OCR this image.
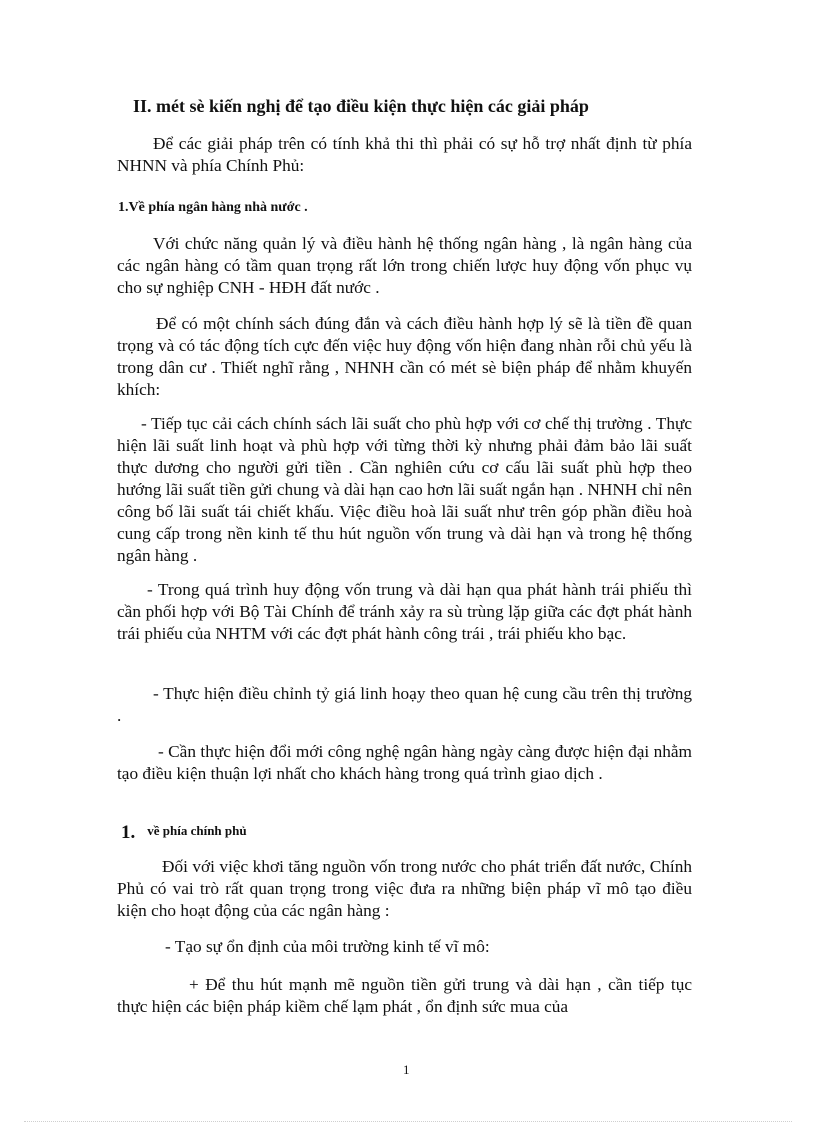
II. mét sè kiến nghị để tạo điều kiện thực hiện các giải pháp

Để các giải pháp trên có tính khả thi thì phải có sự hỗ trợ nhất định từ phía NHNN và phía Chính Phủ:

1.Về phía ngân hàng nhà nước .

Với chức năng quản lý và điều hành hệ thống ngân hàng , là ngân hàng của các ngân hàng có tầm quan trọng rất lớn trong chiến lược huy động vốn phục vụ cho sự nghiệp CNH - HĐH đất nước .

Để có một chính sách đúng đắn và cách điều hành hợp lý sẽ là tiền đề quan trọng và có tác động tích cực đến việc huy động vốn hiện đang nhàn rỗi chủ yếu là trong dân cư . Thiết nghĩ rằng , NHNH cần có mét sè biện pháp để nhằm khuyến khích:

- Tiếp tục cải cách chính sách lãi suất cho phù hợp với cơ chế thị trường . Thực hiện lãi suất linh hoạt và phù hợp với từng thời kỳ nhưng phải đảm bảo lãi suất thực dương cho người gửi tiền . Cần nghiên cứu cơ cấu lãi suất phù hợp theo hướng lãi suất tiền gửi chung và dài hạn cao hơn lãi suất ngắn hạn . NHNH chỉ nên công bố lãi suất tái chiết khấu. Việc điều hoà lãi suất như trên góp phần điều hoà cung cấp trong nền kinh tế thu hút nguồn vốn trung và dài hạn và trong hệ thống ngân hàng .

- Trong quá trình huy động vốn trung và dài hạn qua phát hành trái phiếu thì cần phối hợp với Bộ Tài Chính để tránh xảy ra sù trùng lặp giữa các đợt phát hành trái phiếu của NHTM với các đợt phát hành công trái , trái phiếu kho bạc.

- Thực hiện điều chỉnh tỷ giá linh hoạy theo quan hệ cung cầu trên thị trường .

- Cần thực hiện đổi mới công nghệ ngân hàng ngày càng được hiện đại nhằm tạo điều kiện thuận lợi nhất cho khách hàng trong quá trình giao dịch .

1. về phía chính phủ

Đối với việc khơi tăng nguồn vốn trong nước cho phát triển đất nước, Chính Phủ có vai trò rất quan trọng trong việc đưa ra những biện pháp vĩ mô tạo điều kiện cho hoạt động của các ngân hàng :

- Tạo sự ổn định của môi trường kinh tế vĩ mô:

+ Để thu hút mạnh mẽ nguồn tiền gửi trung và dài hạn , cần tiếp tục thực hiện các biện pháp kiềm chế lạm phát , ổn định sức mua của

1
